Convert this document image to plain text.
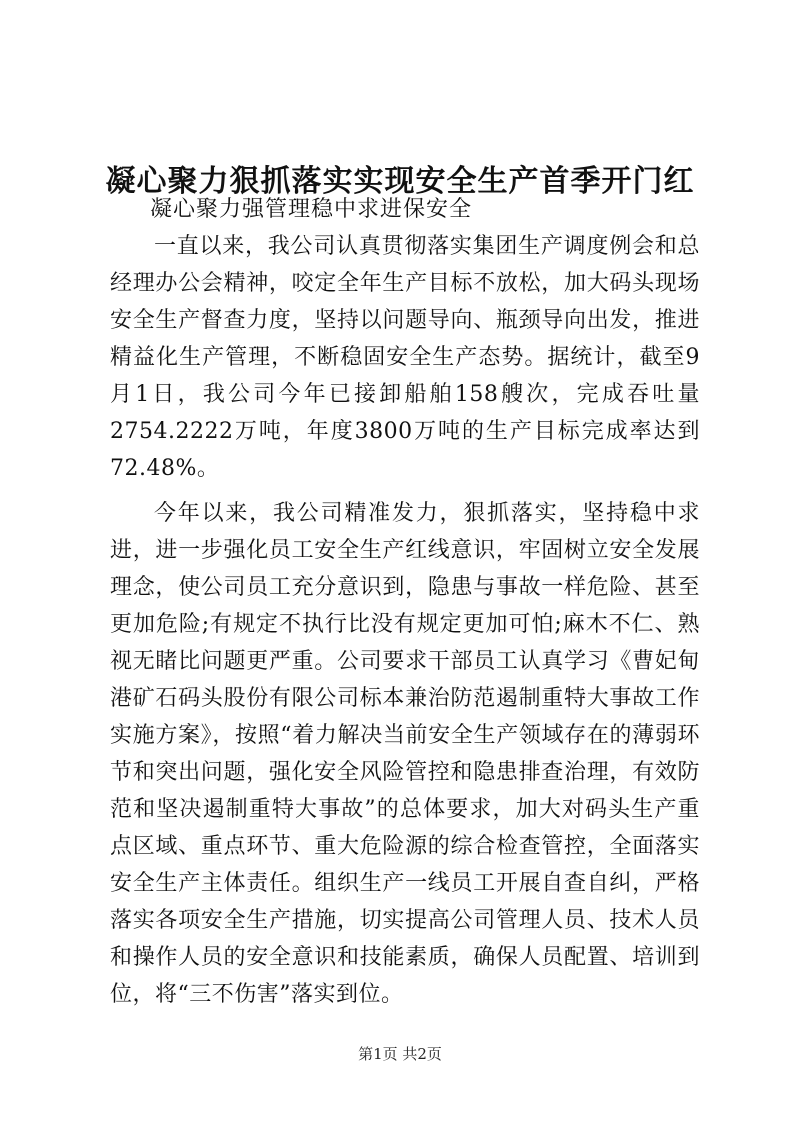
凝心聚力狠抓落实实现安全生产首季开门红
凝心聚力强管理稳中求进保安全

一直以来，我公司认真贯彻落实集团生产调度例会和总经理办公会精神，咬定全年生产目标不放松，加大码头现场安全生产督查力度，坚持以问题导向、瓶颈导向出发，推进精益化生产管理，不断稳固安全生产态势。据统计，截至9月1日，我公司今年已接卸船舶158艘次，完成吞吐量2754.2222万吨，年度3800万吨的生产目标完成率达到72.48%。

今年以来，我公司精准发力，狠抓落实，坚持稳中求进，进一步强化员工安全生产红线意识，牢固树立安全发展理念，使公司员工充分意识到，隐患与事故一样危险、甚至更加危险;有规定不执行比没有规定更加可怕;麻木不仁、熟视无睹比问题更严重。公司要求干部员工认真学习《曹妃甸港矿石码头股份有限公司标本兼治防范遏制重特大事故工作实施方案》，按照“着力解决当前安全生产领域存在的薄弱环节和突出问题，强化安全风险管控和隐患排查治理，有效防范和坚决遏制重特大事故”的总体要求，加大对码头生产重点区域、重点环节、重大危险源的综合检查管控，全面落实安全生产主体责任。组织生产一线员工开展自查自纠，严格落实各项安全生产措施，切实提高公司管理人员、技术人员和操作人员的安全意识和技能素质，确保人员配置、培训到位，将“三不伤害”落实到位。

第1页 共2页
